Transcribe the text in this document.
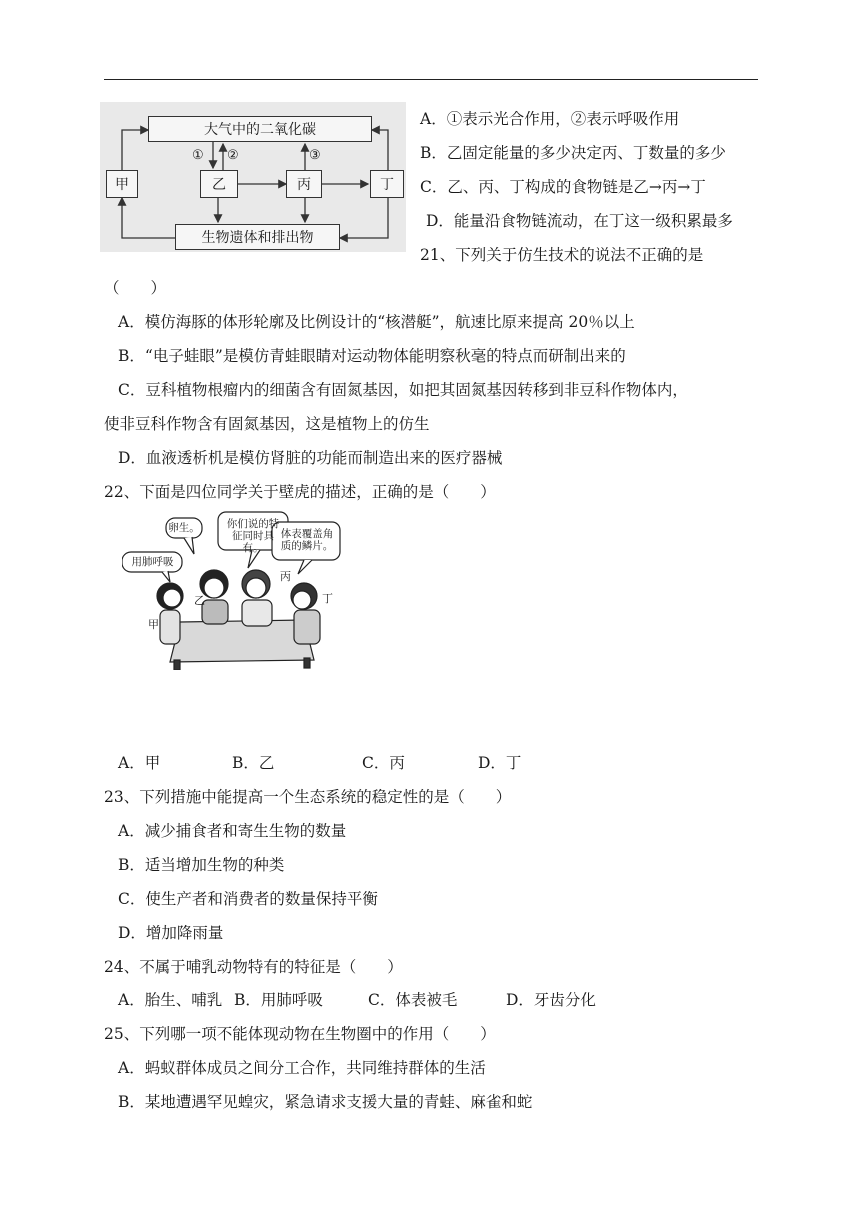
大气中的二氧化碳
甲	乙	丙	丁
生物遗体和排出物
① ②	③
A．①表示光合作用，②表示呼吸作用
B．乙固定能量的多少决定丙、丁数量的多少
C．乙、丙、丁构成的食物链是乙→丙→丁
D．能量沿食物链流动，在丁这一级积累最多
21、下列关于仿生技术的说法不正确的是
（　　）
A．模仿海豚的体形轮廓及比例设计的“核潜艇”，航速比原来提高 20％以上
B．“电子蛙眼”是模仿青蛙眼睛对运动物体能明察秋毫的特点而研制出来的
C．豆科植物根瘤内的细菌含有固氮基因，如把其固氮基因转移到非豆科作物体内，
使非豆科作物含有固氮基因，这是植物上的仿生
D．血液透析机是模仿肾脏的功能而制造出来的医疗器械
22、下面是四位同学关于壁虎的描述，正确的是（　　）
用肺呼吸
卵生。	你们说的特征同时具有。
体表覆盖角质的鳞片。
甲
乙
丙
丁
A．甲	B．乙	C．丙	D．丁
23、下列措施中能提高一个生态系统的稳定性的是（　　）
A．减少捕食者和寄生生物的数量
B．适当增加生物的种类
C．使生产者和消费者的数量保持平衡
D．增加降雨量
24、不属于哺乳动物特有的特征是（　　）
A．胎生、哺乳 B．用肺呼吸	C．体表被毛	D．牙齿分化
25、下列哪一项不能体现动物在生物圈中的作用（　　）
A．蚂蚁群体成员之间分工合作，共同维持群体的生活
B．某地遭遇罕见蝗灾，紧急请求支援大量的青蛙、麻雀和蛇
